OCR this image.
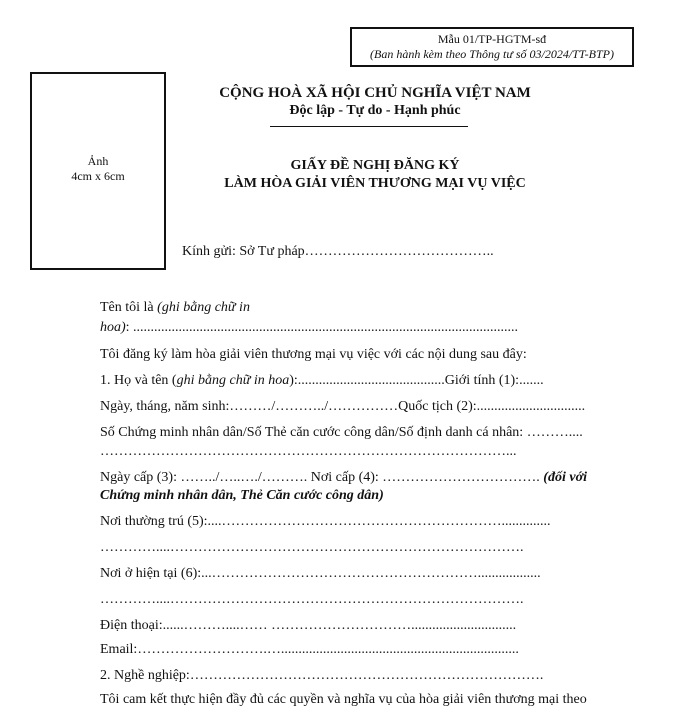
Mẫu 01/TP-HGTM-sđ
(Ban hành kèm theo Thông tư số 03/2024/TT-BTP)
Ảnh
4cm x 6cm
CỘNG HOÀ XÃ HỘI CHỦ NGHĨA VIỆT NAM
Độc lập - Tự do - Hạnh phúc
GIẤY ĐỀ NGHỊ ĐĂNG KÝ
LÀM HÒA GIẢI VIÊN THƯƠNG MẠI VỤ VIỆC
Kính gửi: Sở Tư pháp…………………………………..
Tên tôi là (ghi bằng chữ in
hoa): ..............................................................................................................
Tôi đăng ký làm hòa giải viên thương mại vụ việc với các nội dung sau đây:
1. Họ và tên (ghi bằng chữ in hoa):..........................................Giới tính (1):.......
Ngày, tháng, năm sinh:………/………../……………Quốc tịch (2):...............................
Số Chứng minh nhân dân/Số Thẻ căn cước công dân/Số định danh cá nhân: ………....
……………………………………………………………………………...
Ngày cấp (3): ……../…..…./………. Nơi cấp (4): ……………………………. (đối với
Chứng minh nhân dân, Thẻ Căn cước công dân)
Nơi thường trú (5):....……………………………………………………..............
…………....………………………………………………………………….
Nơi ở hiện tại (6):...…………………………………………………..................
…………....………………………………………………………………….
Điện thoại:......………....…… …………………………..............................
Email:……………………….…....................................................................
2. Nghề nghiệp:………………………………………………………………….
Tôi cam kết thực hiện đầy đủ các quyền và nghĩa vụ của hòa giải viên thương mại theo
